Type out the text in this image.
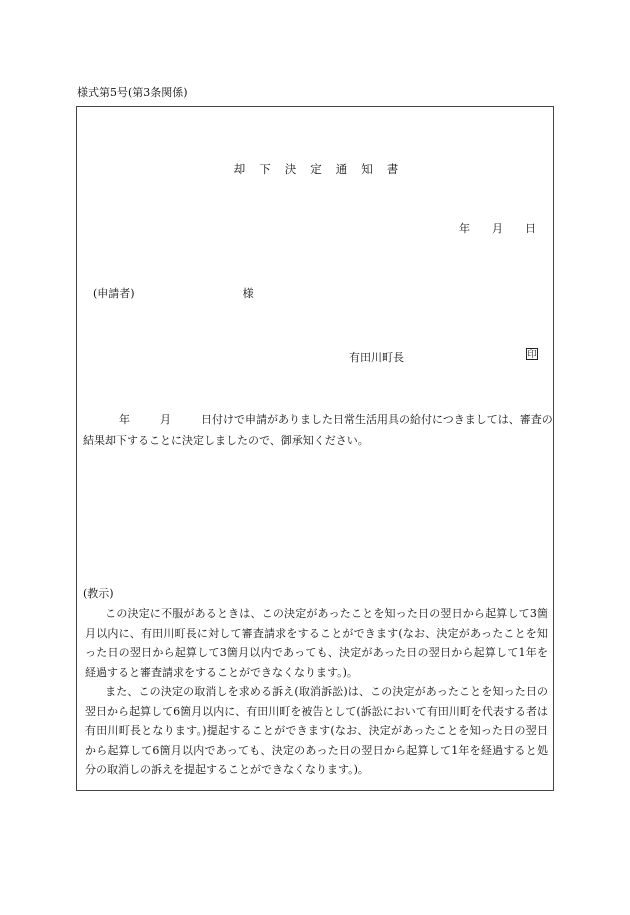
様式第5号(第3条関係)
却下決定通知書
年 月 日
(申請者)	様
有田川町長	印
年	月	日付けで申請がありました日常生活用具の給付につきましては、審査の結果却下することに決定しましたので、御承知ください。
(教示)
この決定に不服があるときは、この決定があったことを知った日の翌日から起算して3箇月以内に、有田川町長に対して審査請求をすることができます(なお、決定があったことを知った日の翌日から起算して3箇月以内であっても、決定があった日の翌日から起算して1年を経過すると審査請求をすることができなくなります。)。
また、この決定の取消しを求める訴え(取消訴訟)は、この決定があったことを知った日の翌日から起算して6箇月以内に、有田川町を被告として(訴訟において有田川町を代表する者は有田川町長となります。)提起することができます(なお、決定があったことを知った日の翌日から起算して6箇月以内であっても、決定のあった日の翌日から起算して1年を経過すると処分の取消しの訴えを提起することができなくなります。)。
